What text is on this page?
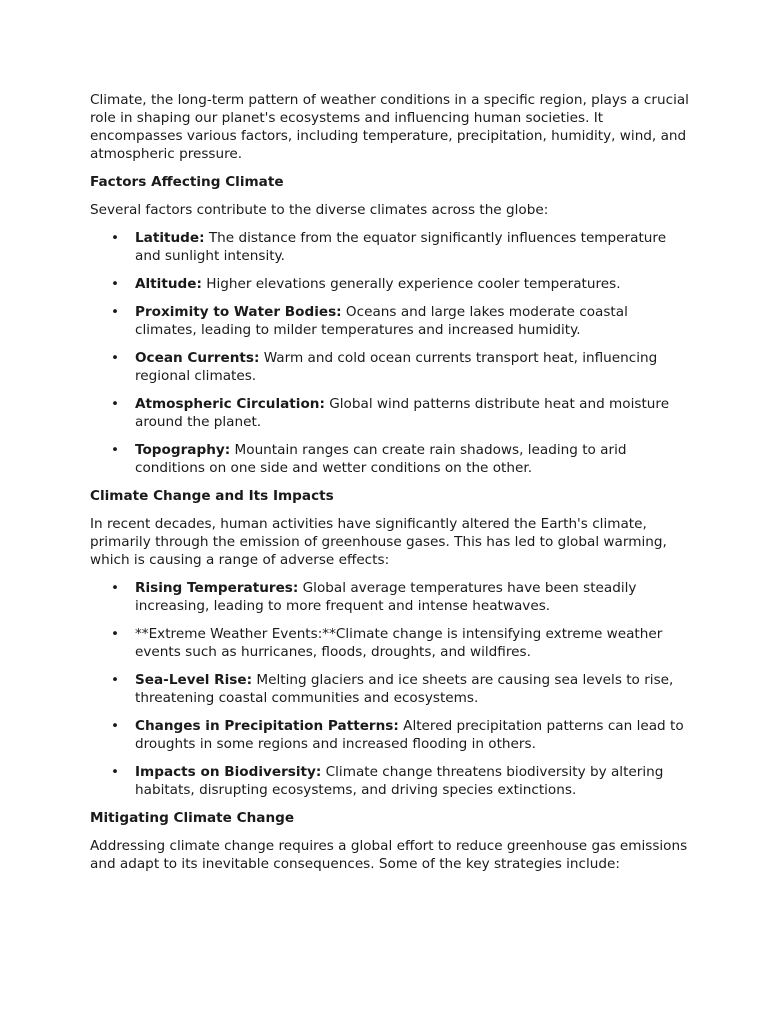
Climate, the long-term pattern of weather conditions in a specific region, plays a crucial role in shaping our planet's ecosystems and influencing human societies. It encompasses various factors, including temperature, precipitation, humidity, wind, and atmospheric pressure.

Factors Affecting Climate

Several factors contribute to the diverse climates across the globe:

• Latitude: The distance from the equator significantly influences temperature and sunlight intensity.
• Altitude: Higher elevations generally experience cooler temperatures.
• Proximity to Water Bodies: Oceans and large lakes moderate coastal climates, leading to milder temperatures and increased humidity.
• Ocean Currents: Warm and cold ocean currents transport heat, influencing regional climates.
• Atmospheric Circulation: Global wind patterns distribute heat and moisture around the planet.
• Topography: Mountain ranges can create rain shadows, leading to arid conditions on one side and wetter conditions on the other.
Climate Change and Its Impacts

In recent decades, human activities have significantly altered the Earth's climate, primarily through the emission of greenhouse gases. This has led to global warming, which is causing a range of adverse effects:

• Rising Temperatures: Global average temperatures have been steadily increasing, leading to more frequent and intense heatwaves.
• **Extreme Weather Events:**Climate change is intensifying extreme weather events such as hurricanes, floods, droughts, and wildfires.
• Sea-Level Rise: Melting glaciers and ice sheets are causing sea levels to rise, threatening coastal communities and ecosystems.
• Changes in Precipitation Patterns: Altered precipitation patterns can lead to droughts in some regions and increased flooding in others.
• Impacts on Biodiversity: Climate change threatens biodiversity by altering habitats, disrupting ecosystems, and driving species extinctions.
Mitigating Climate Change

Addressing climate change requires a global effort to reduce greenhouse gas emissions and adapt to its inevitable consequences. Some of the key strategies include:
